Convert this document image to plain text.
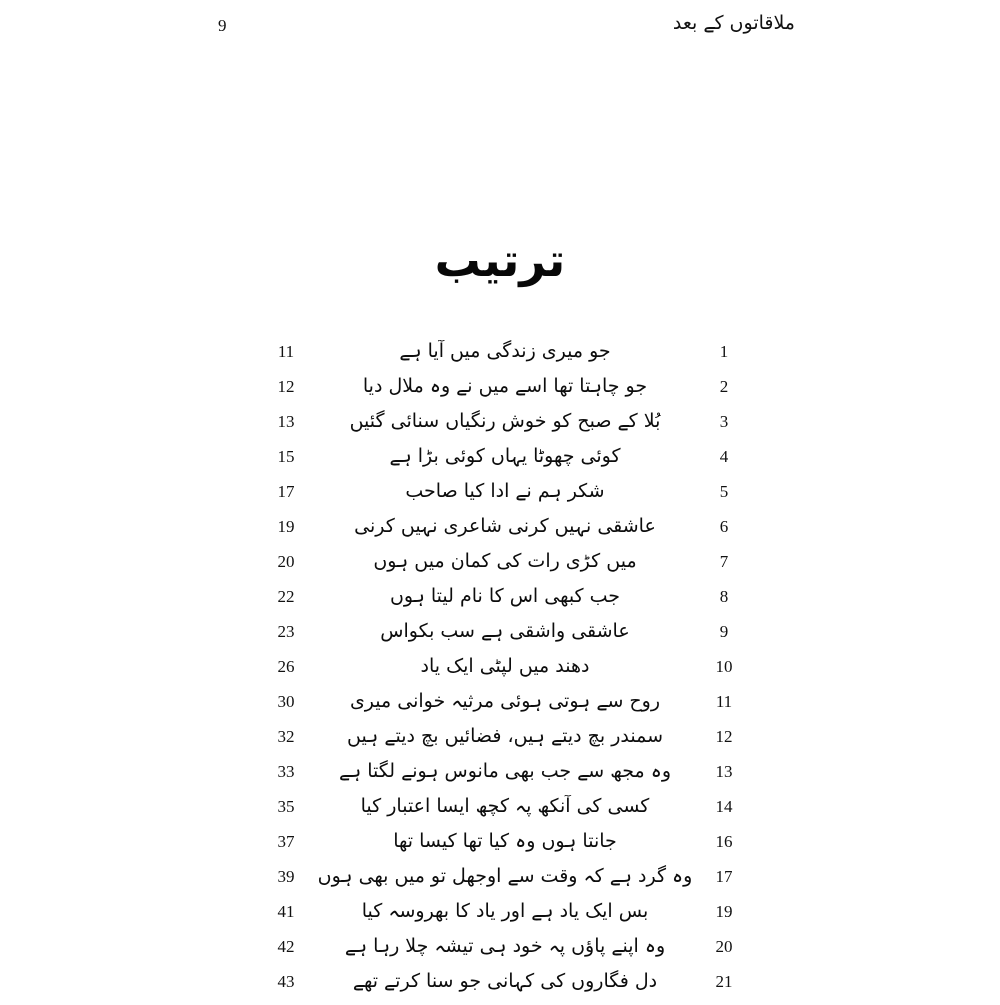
9	ملاقاتوں کے بعد
ترتیب
1
جو میری زندگی میں آیا ہے
11
2
جو چاہتا تھا اسے میں نے وہ ملال دیا
12
3
بُلا کے صبح کو خوش رنگیاں سنائی گئیں
13
4
کوئی چھوٹا یہاں کوئی بڑا ہے
15
5
شکر ہم نے ادا کیا صاحب
17
6
عاشقی نہیں کرنی شاعری نہیں کرنی
19
7
میں کڑی رات کی کمان میں ہوں
20
8
جب کبھی اس کا نام لیتا ہوں
22
9
عاشقی واشقی ہے سب بکواس
23
10
دھند میں لپٹی ایک یاد
26
11
روح سے ہوتی ہوئی مرثیہ خوانی میری
30
12
سمندر بچ دیتے ہیں، فضائیں بچ دیتے ہیں
32
13
وہ مجھ سے جب بھی مانوس ہونے لگتا ہے
33
14
کسی کی آنکھ پہ کچھ ایسا اعتبار کیا
35
16
جانتا ہوں وہ کیا تھا کیسا تھا
37
17
وہ گرد ہے کہ وقت سے اوجھل تو میں بھی ہوں
39
19
بس ایک یاد ہے اور یاد کا بھروسہ کیا
41
20
وہ اپنے پاؤں پہ خود ہی تیشہ چلا رہا ہے
42
21
دل فگاروں کی کہانی جو سنا کرتے تھے
43
